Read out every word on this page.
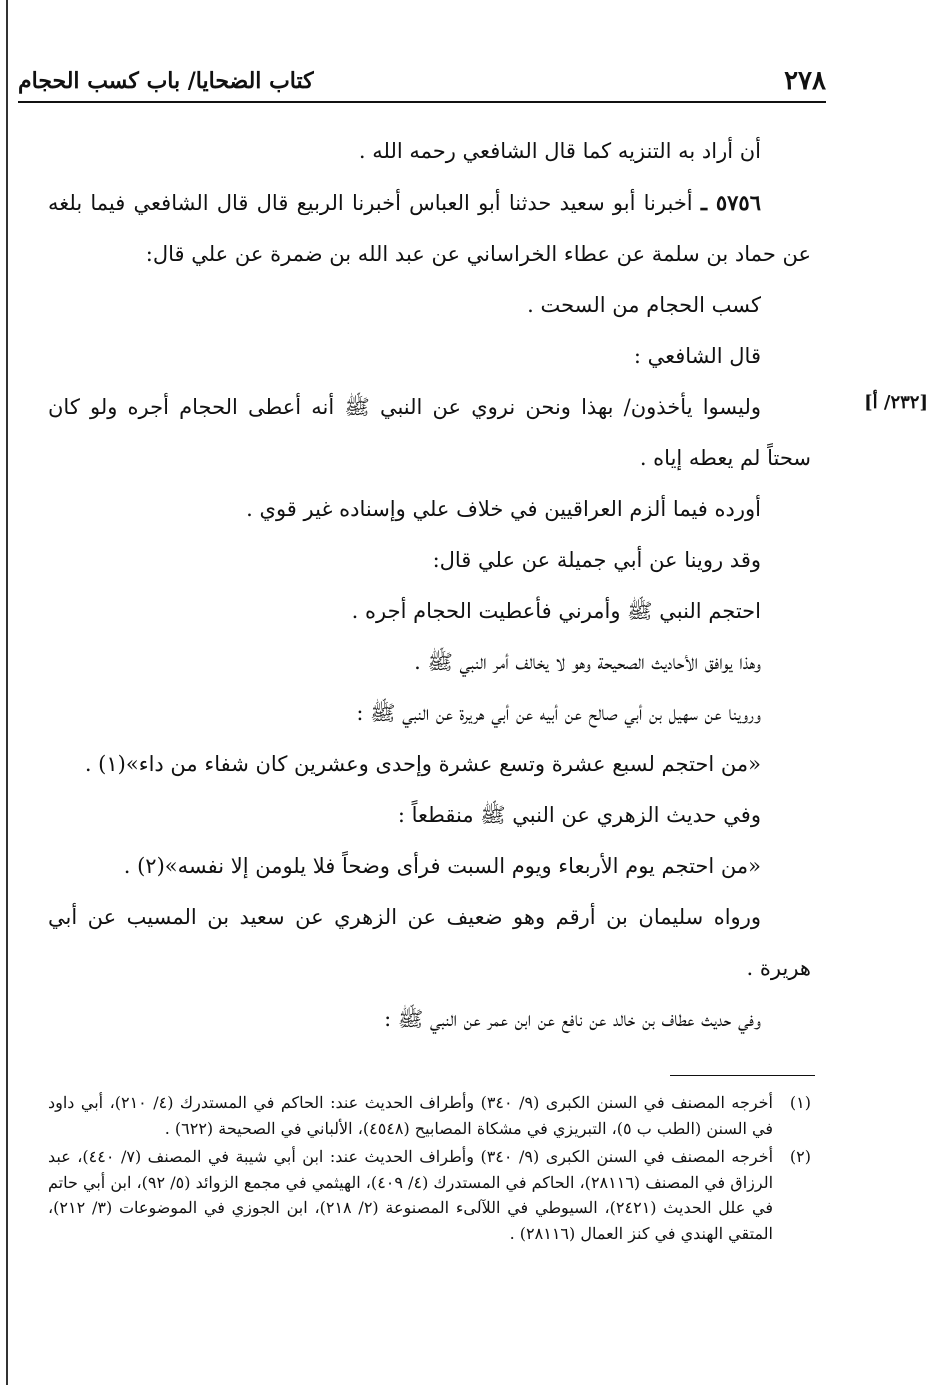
٢٧٨
كتاب الضحايا/ باب كسب الحجام
[٢٣٢/ أ]

أن أراد به التنزيه كما قال الشافعي رحمه الله .

٥٧٥٦ ـ أخبرنا أبو سعيد حدثنا أبو العباس أخبرنا الربيع قال قال الشافعي فيما بلغه عن حماد بن سلمة عن عطاء الخراساني عن عبد الله بن ضمرة عن علي قال:

كسب الحجام من السحت .

قال الشافعي :

وليسوا يأخذون/ بهذا ونحن نروي عن النبي ﷺ أنه أعطى الحجام أجره ولو كان سحتاً لم يعطه إياه .

أورده فيما ألزم العراقيين في خلاف علي وإسناده غير قوي .

وقد روينا عن أبي جميلة عن علي قال:

احتجم النبي ﷺ وأمرني فأعطيت الحجام أجره .

وهذا يوافق الأحاديث الصحيحة وهو لا يخالف أمر النبي ﷺ .

وروينا عن سهيل بن أبي صالح عن أبيه عن أبي هريرة عن النبي ﷺ :

«من احتجم لسبع عشرة وتسع عشرة وإحدى وعشرين كان شفاء من داء»(١) .

وفي حديث الزهري عن النبي ﷺ منقطعاً :

«من احتجم يوم الأربعاء ويوم السبت فرأى وضحاً فلا يلومن إلا نفسه»(٢) .

ورواه سليمان بن أرقم وهو ضعيف عن الزهري عن سعيد بن المسيب عن أبي هريرة .

وفي حديث عطاف بن خالد عن نافع عن ابن عمر عن النبي ﷺ :

(١)
أخرجه المصنف في السنن الكبرى (٩/ ٣٤٠) وأطراف الحديث عند: الحاكم في المستدرك (٤/ ٢١٠)، أبي داود في السنن (الطب ب ٥)، التبريزي في مشكاة المصابيح (٤٥٤٨)، الألباني في الصحيحة (٦٢٢) .

(٢)
أخرجه المصنف في السنن الكبرى (٩/ ٣٤٠) وأطراف الحديث عند: ابن أبي شيبة في المصنف (٧/ ٤٤٠)، عبد الرزاق في المصنف (٢٨١١٦)، الحاكم في المستدرك (٤/ ٤٠٩)، الهيثمي في مجمع الزوائد (٥/ ٩٢)، ابن أبي حاتم في علل الحديث (٢٤٢١)، السيوطي في اللآلىء المصنوعة (٢/ ٢١٨)، ابن الجوزي في الموضوعات (٣/ ٢١٢)، المتقي الهندي في كنز العمال (٢٨١١٦) .
